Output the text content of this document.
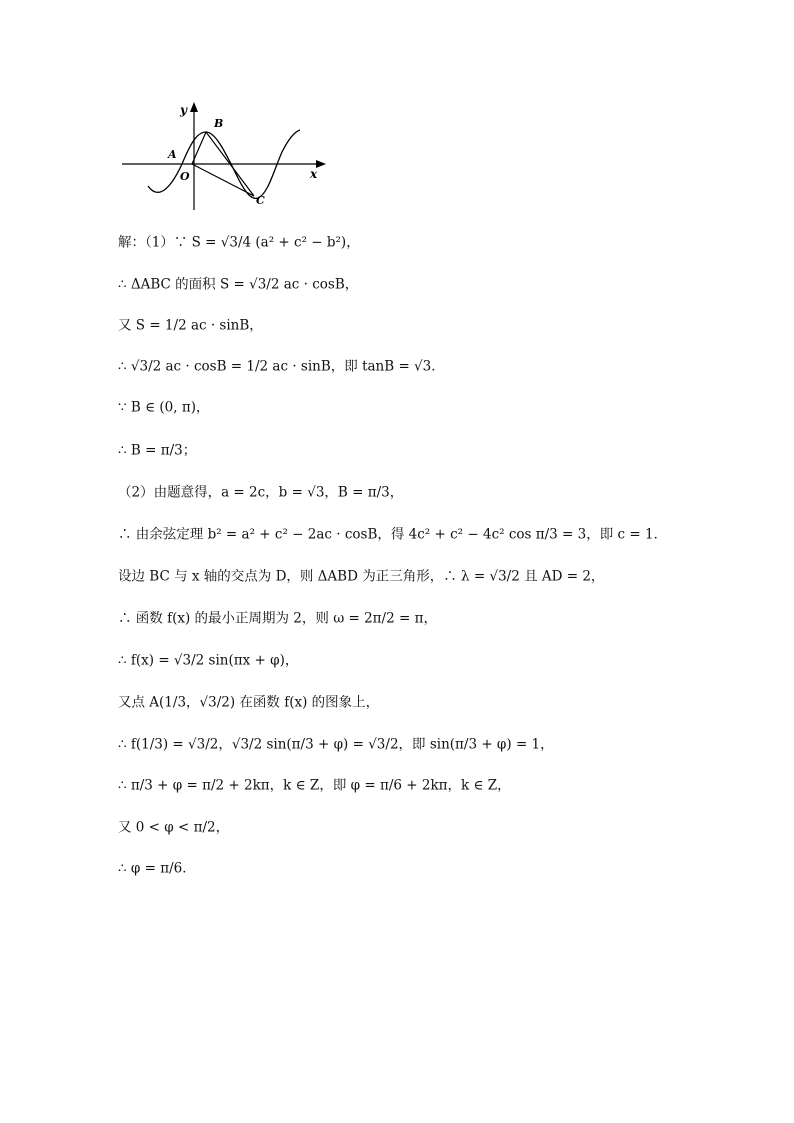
y
B
A
O	x
C
解：（1）∵ S = √3/4 (a² + c² − b²)，
∴ ΔABC 的面积 S = √3/2 ac · cosB，
又 S = 1/2 ac · sinB，
∴ √3/2 ac · cosB = 1/2 ac · sinB，即 tanB = √3．
∵ B ∈ (0, π)，
∴ B = π/3；
（2）由题意得，a = 2c，b = √3，B = π/3，
∴ 由余弦定理 b² = a² + c² − 2ac · cosB，得 4c² + c² − 4c² cos π/3 = 3，即 c = 1．
设边 BC 与 x 轴的交点为 D，则 ΔABD 为正三角形，∴ λ = √3/2 且 AD = 2，
∴ 函数 f(x) 的最小正周期为 2，则 ω = 2π/2 = π，
∴ f(x) = √3/2 sin(πx + φ)，
又点 A(1/3，√3/2) 在函数 f(x) 的图象上，
∴ f(1/3) = √3/2，√3/2 sin(π/3 + φ) = √3/2，即 sin(π/3 + φ) = 1，
∴ π/3 + φ = π/2 + 2kπ，k ∈ Z，即 φ = π/6 + 2kπ，k ∈ Z，
又 0 < φ < π/2，
∴ φ = π/6．
